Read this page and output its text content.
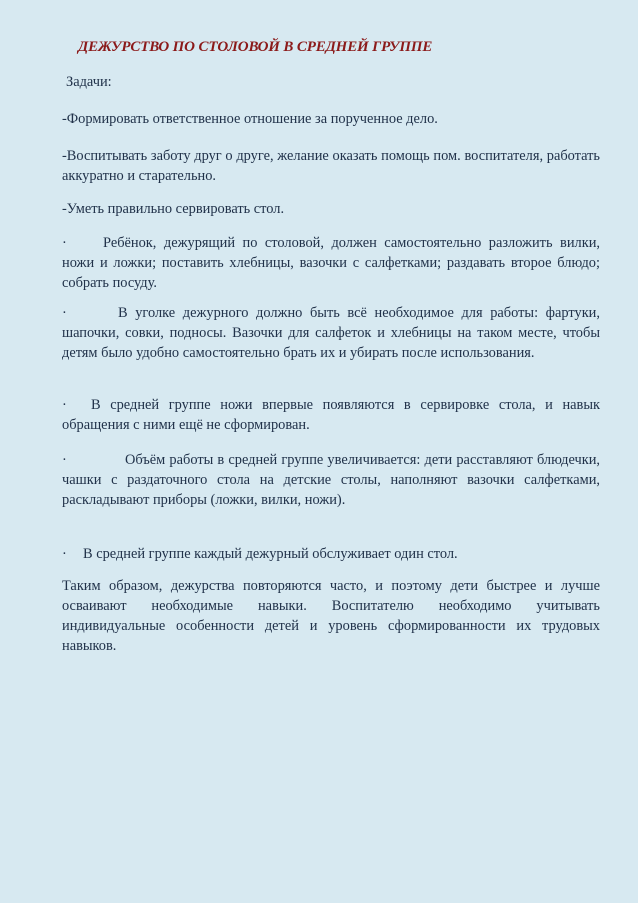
ДЕЖУРСТВО ПО СТОЛОВОЙ В СРЕДНЕЙ ГРУППЕ
Задачи:
-Формировать ответственное отношение за порученное дело.
-Воспитывать заботу друг о друге, желание оказать помощь пом. воспитателя, работать аккуратно и старательно.
-Уметь правильно сервировать стол.
·	Ребёнок, дежурящий по столовой, должен самостоятельно разложить вилки, ножи и ложки; поставить хлебницы, вазочки с салфетками; раздавать второе блюдо; собрать посуду.
·	В уголке дежурного должно быть всё необходимое для работы: фартуки, шапочки, совки, подносы. Вазочки для салфеток и хлебницы на таком месте, чтобы детям было удобно самостоятельно брать их и убирать после использования.
· В средней группе ножи впервые появляются в сервировке стола, и навык обращения с ними ещё не сформирован.
·	Объём работы в средней группе увеличивается: дети расставляют блюдечки, чашки с раздаточного стола на детские столы, наполняют вазочки салфетками, раскладывают приборы (ложки, вилки, ножи).
· В средней группе каждый дежурный обслуживает один стол.
Таким образом, дежурства повторяются часто, и поэтому дети быстрее и лучше осваивают необходимые навыки. Воспитателю необходимо учитывать индивидуальные особенности детей и уровень сформированности их трудовых навыков.
